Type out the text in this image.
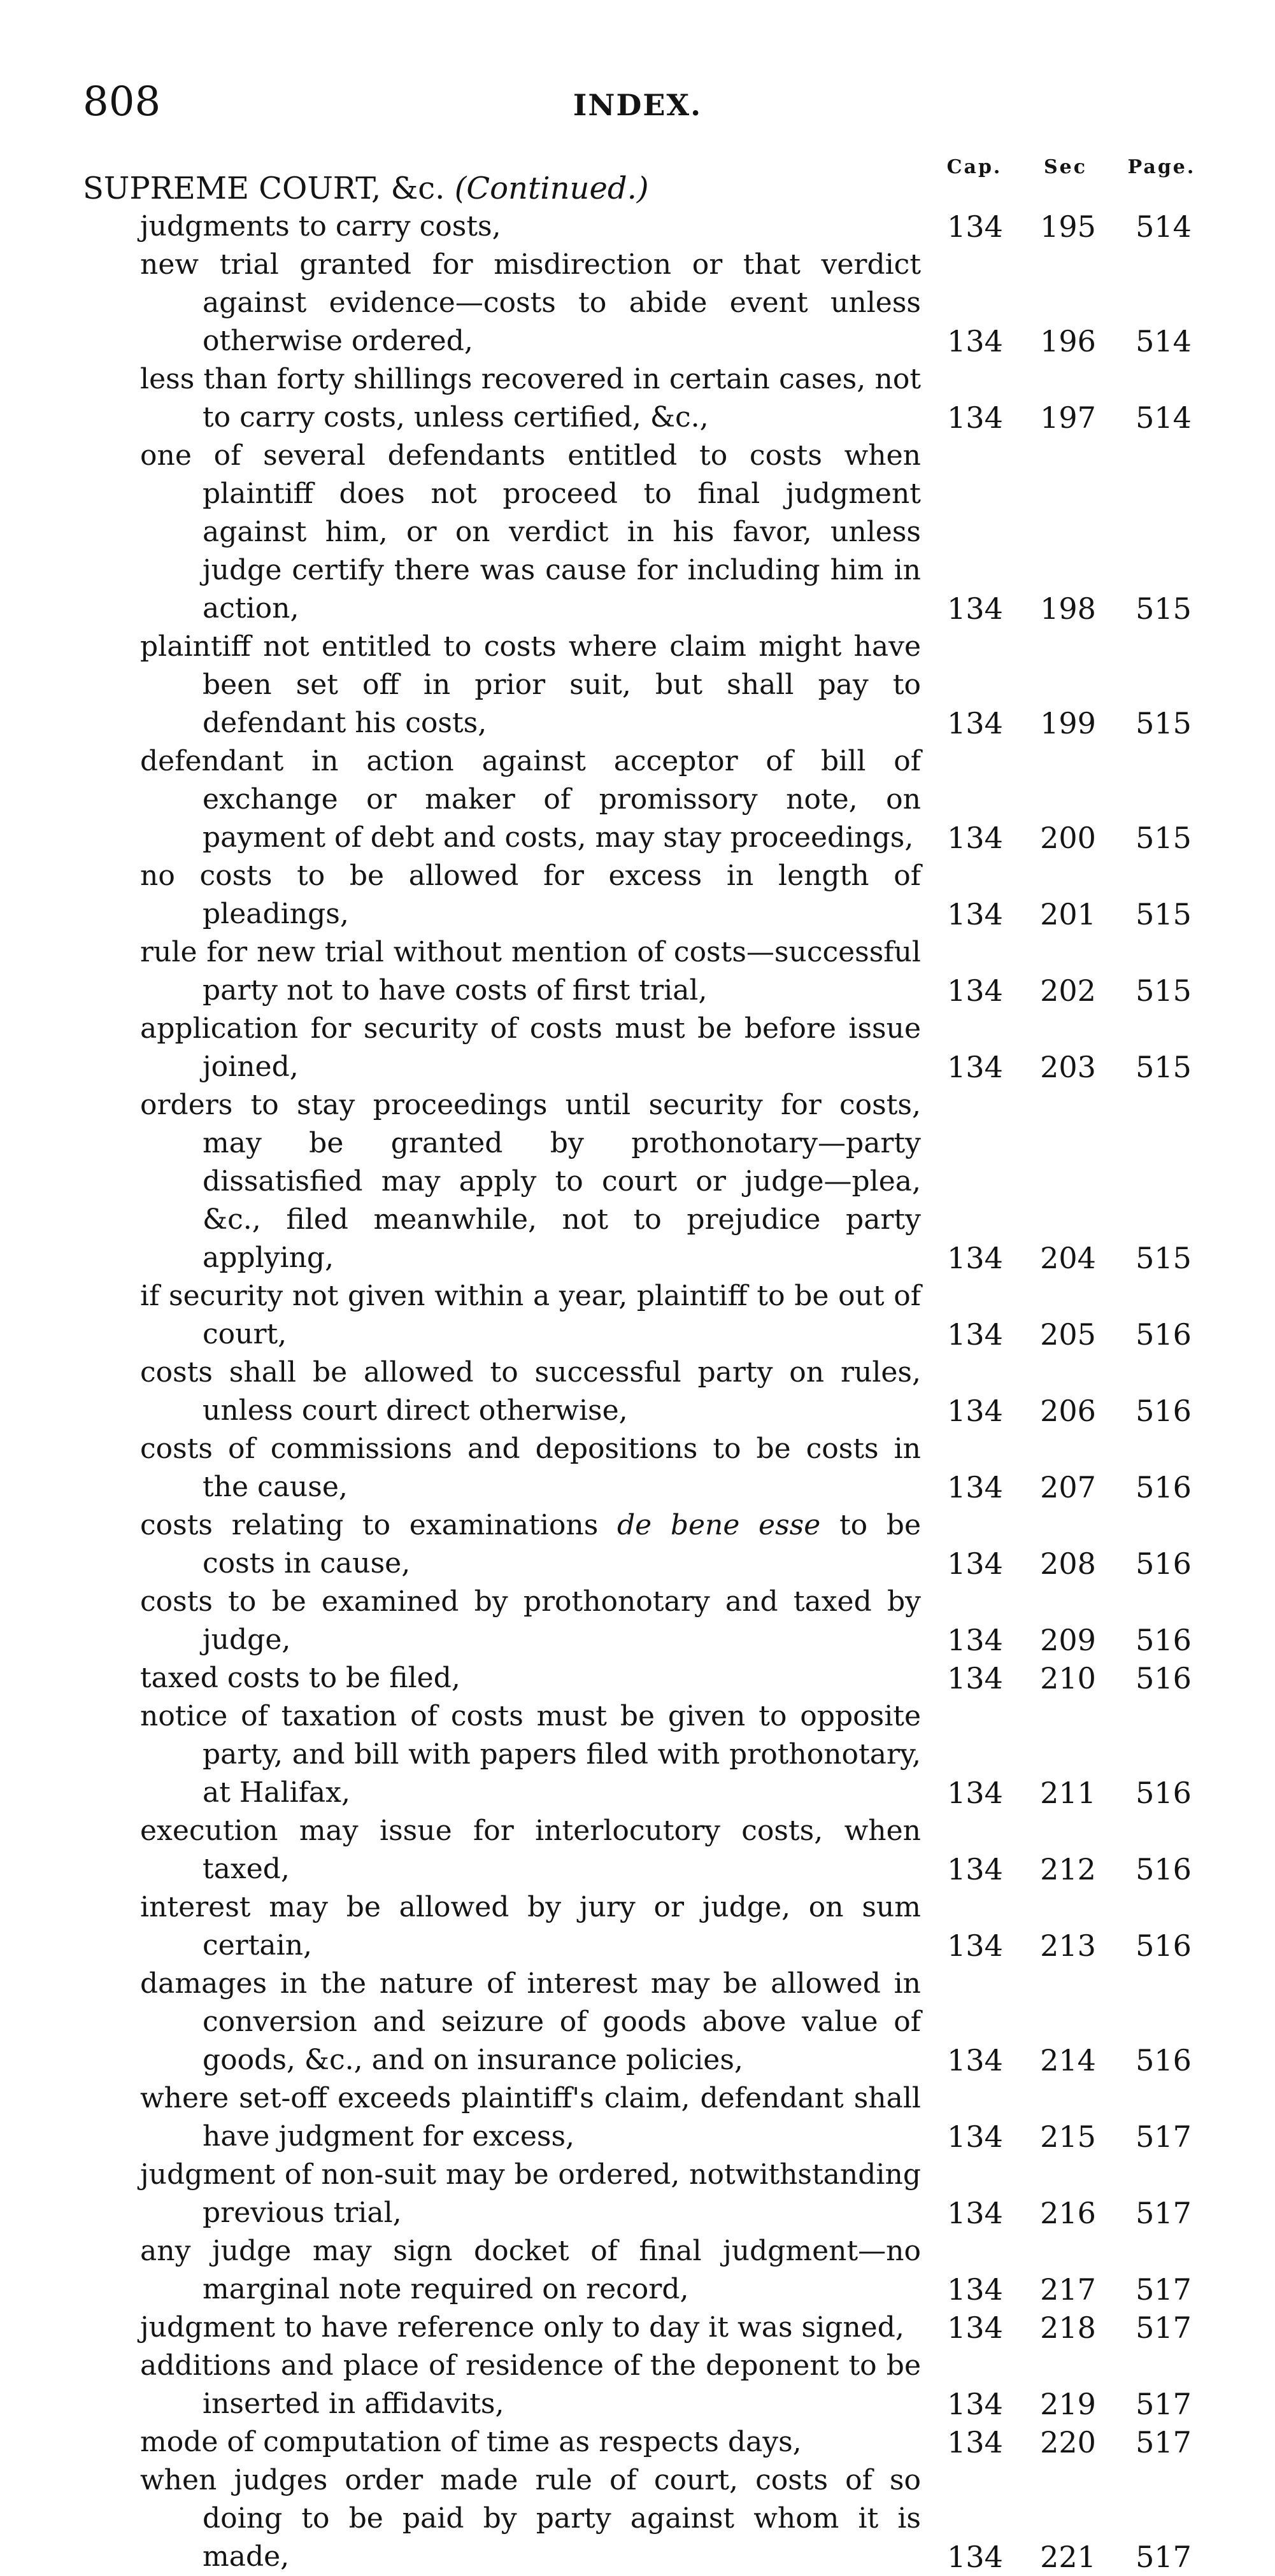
808	INDEX.
Cap.	Sec	Page.
SUPREME COURT, &c. (Continued.)
judgments to carry costs,	134	195	514
new trial granted for misdirection or that verdict against evidence—costs to abide event unless otherwise ordered,	134	196	514
less than forty shillings recovered in certain cases, not to carry costs, unless certified, &c.,	134	197	514
one of several defendants entitled to costs when plaintiff does not proceed to final judgment against him, or on verdict in his favor, unless judge certify there was cause for including him in action,	134	198	515
plaintiff not entitled to costs where claim might have been set off in prior suit, but shall pay to defendant his costs,	134	199	515
defendant in action against acceptor of bill of exchange or maker of promissory note, on payment of debt and costs, may stay proceedings,	134	200	515
no costs to be allowed for excess in length of pleadings,	134	201	515
rule for new trial without mention of costs—successful party not to have costs of first trial,	134	202	515
application for security of costs must be before issue joined,	134	203	515
orders to stay proceedings until security for costs, may be granted by prothonotary—party dissatisfied may apply to court or judge—plea, &c., filed meanwhile, not to prejudice party applying,	134	204	515
if security not given within a year, plaintiff to be out of court,	134	205	516
costs shall be allowed to successful party on rules, unless court direct otherwise,	134	206	516
costs of commissions and depositions to be costs in the cause,	134	207	516
costs relating to examinations de bene esse to be costs in cause,	134	208	516
costs to be examined by prothonotary and taxed by judge,	134	209	516
taxed costs to be filed,	134	210	516
notice of taxation of costs must be given to opposite party, and bill with papers filed with prothonotary, at Halifax,	134	211	516
execution may issue for interlocutory costs, when taxed,	134	212	516
interest may be allowed by jury or judge, on sum certain,	134	213	516
damages in the nature of interest may be allowed in conversion and seizure of goods above value of goods, &c., and on insurance policies,	134	214	516
where set-off exceeds plaintiff's claim, defendant shall have judgment for excess,	134	215	517
judgment of non-suit may be ordered, notwithstanding previous trial,	134	216	517
any judge may sign docket of final judgment—no marginal note required on record,	134	217	517
judgment to have reference only to day it was signed,	134	218	517
additions and place of residence of the deponent to be inserted in affidavits,	134	219	517
mode of computation of time as respects days,	134	220	517
when judges order made rule of court, costs of so doing to be paid by party against whom it is made,	134	221	517
